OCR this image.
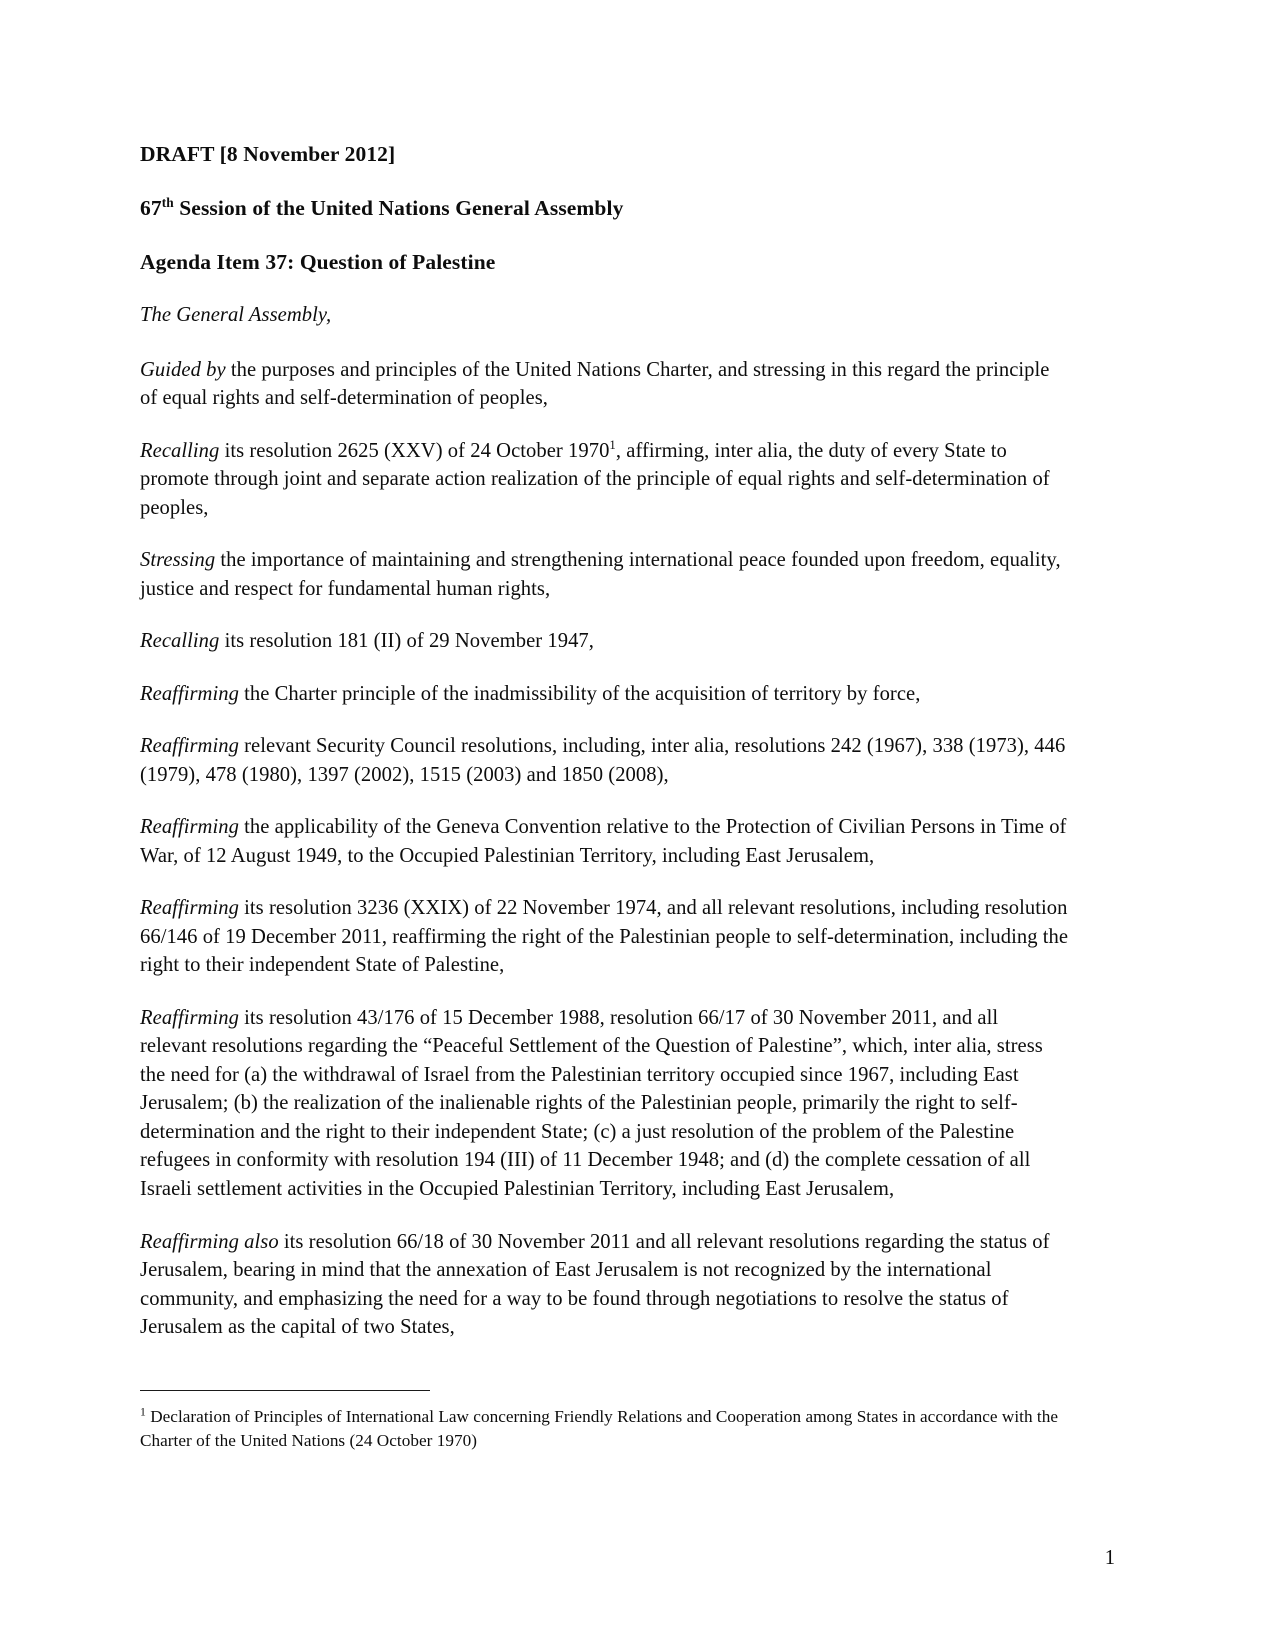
DRAFT [8 November 2012]

67th Session of the United Nations General Assembly

Agenda Item 37: Question of Palestine

The General Assembly,

Guided by the purposes and principles of the United Nations Charter, and stressing in this regard the principle of equal rights and self-determination of peoples,

Recalling its resolution 2625 (XXV) of 24 October 1970$^1$, affirming, inter alia, the duty of every State to promote through joint and separate action realization of the principle of equal rights and self-determination of peoples,

Stressing the importance of maintaining and strengthening international peace founded upon freedom, equality, justice and respect for fundamental human rights,

Recalling its resolution 181 (II) of 29 November 1947,

Reaffirming the Charter principle of the inadmissibility of the acquisition of territory by force,

Reaffirming relevant Security Council resolutions, including, inter alia, resolutions 242 (1967), 338 (1973), 446 (1979), 478 (1980), 1397 (2002), 1515 (2003) and 1850 (2008),

Reaffirming the applicability of the Geneva Convention relative to the Protection of Civilian Persons in Time of War, of 12 August 1949, to the Occupied Palestinian Territory, including East Jerusalem,

Reaffirming its resolution 3236 (XXIX) of 22 November 1974, and all relevant resolutions, including resolution 66/146 of 19 December 2011, reaffirming the right of the Palestinian people to self-determination, including the right to their independent State of Palestine,

Reaffirming its resolution 43/176 of 15 December 1988, resolution 66/17 of 30 November 2011, and all relevant resolutions regarding the “Peaceful Settlement of the Question of Palestine”, which, inter alia, stress the need for (a) the withdrawal of Israel from the Palestinian territory occupied since 1967, including East Jerusalem; (b) the realization of the inalienable rights of the Palestinian people, primarily the right to self-determination and the right to their independent State; (c) a just resolution of the problem of the Palestine refugees in conformity with resolution 194 (III) of 11 December 1948; and (d) the complete cessation of all Israeli settlement activities in the Occupied Palestinian Territory, including East Jerusalem,

Reaffirming also its resolution 66/18 of 30 November 2011 and all relevant resolutions regarding the status of Jerusalem, bearing in mind that the annexation of East Jerusalem is not recognized by the international community, and emphasizing the need for a way to be found through negotiations to resolve the status of Jerusalem as the capital of two States,

$^1$ Declaration of Principles of International Law concerning Friendly Relations and Cooperation among States in accordance with the Charter of the United Nations (24 October 1970)

1
